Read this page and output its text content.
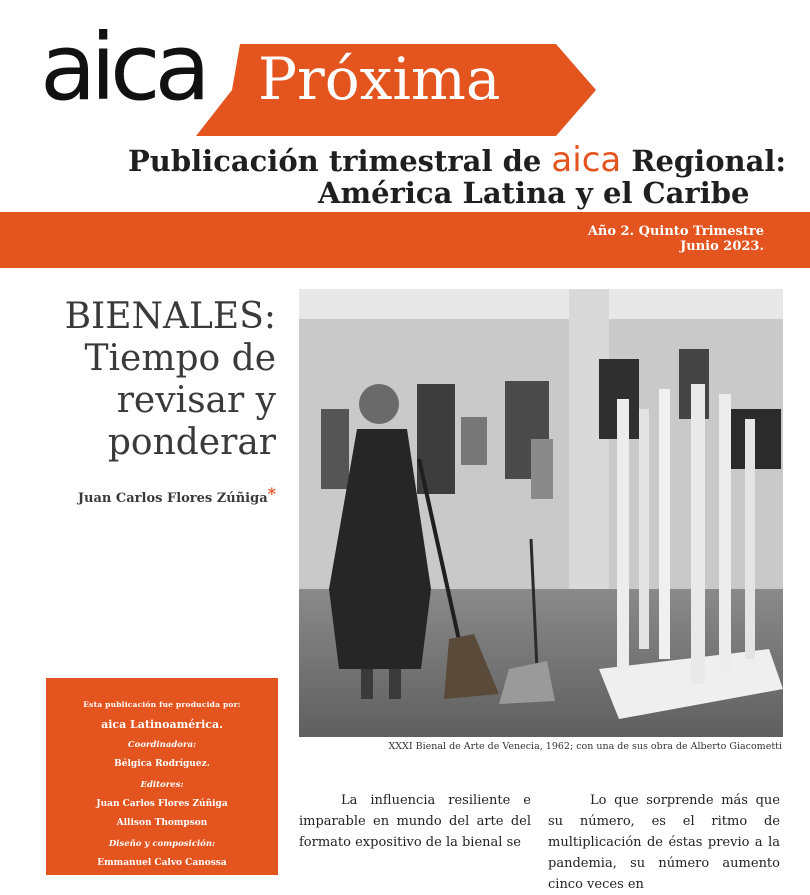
aica Próxima
Publicación trimestral de aica Regional:
América Latina y el Caribe
Año 2. Quinto Trimestre
Junio 2023.
BIENALES:
Tiempo de
revisar y
ponderar
Juan Carlos Flores Zúñiga*
XXXI Bienal de Arte de Venecia, 1962; con una de sus obra de Alberto Giacometti
Esta publicación fue producida por:
aica Latinoamérica.
Coordinadora:
Bélgica Rodríguez.
Editores:
Juan Carlos Flores Zúñiga
Allison Thompson
Diseño y composición:
Emmanuel Calvo Canossa

La influencia resiliente e imparable en mundo del arte del formato expositivo de la bienal se

Lo que sorprende más que su número, es el ritmo de multiplicación de éstas previo a la pandemia, su número aumento cinco veces en
